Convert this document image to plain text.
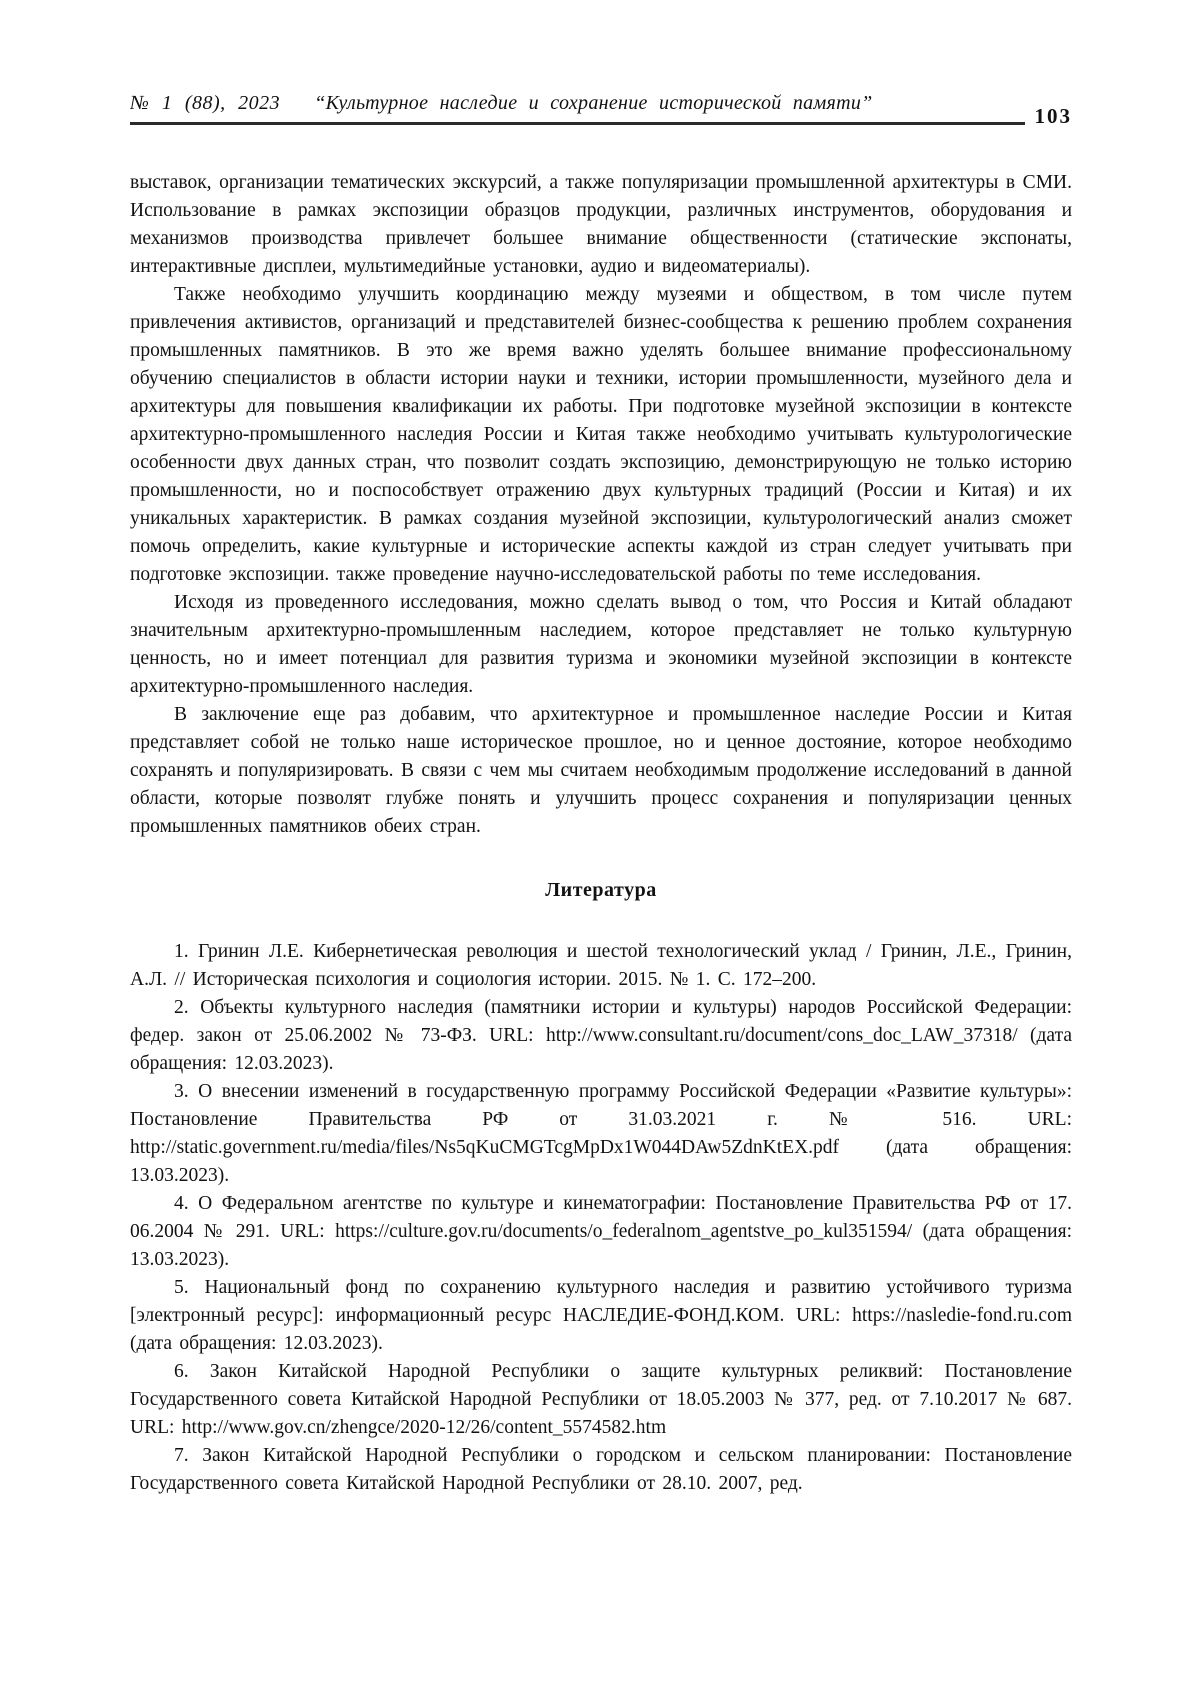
№ 1 (88), 2023 “Культурное наследие и сохранение исторической памяти”
103

выставок, организации тематических экскурсий, а также популяризации промышленной архитектуры в СМИ. Использование в рамках экспозиции образцов продукции, различных инструментов, оборудования и механизмов производства привлечет большее внимание общественности (статические экспонаты, интерактивные дисплеи, мультимедийные установки, аудио и видеоматериалы).

Также необходимо улучшить координацию между музеями и обществом, в том числе путем привлечения активистов, организаций и представителей бизнес-сообщества к решению проблем сохранения промышленных памятников. В это же время важно уделять большее внимание профессиональному обучению специалистов в области истории науки и техники, истории промышленности, музейного дела и архитектуры для повышения квалификации их работы. При подготовке музейной экспозиции в контексте архитектурно-промышленного наследия России и Китая также необходимо учитывать культурологические особенности двух данных стран, что позволит создать экспозицию, демонстрирующую не только историю промышленности, но и поспособствует отражению двух культурных традиций (России и Китая) и их уникальных характеристик. В рамках создания музейной экспозиции, культурологический анализ сможет помочь определить, какие культурные и исторические аспекты каждой из стран следует учитывать при подготовке экспозиции. также проведение научно-исследовательской работы по теме исследования.

Исходя из проведенного исследования, можно сделать вывод о том, что Россия и Китай обладают значительным архитектурно-промышленным наследием, которое представляет не только культурную ценность, но и имеет потенциал для развития туризма и экономики музейной экспозиции в контексте архитектурно-промышленного наследия.

В заключение еще раз добавим, что архитектурное и промышленное наследие России и Китая представляет собой не только наше историческое прошлое, но и ценное достояние, которое необходимо сохранять и популяризировать. В связи с чем мы считаем необходимым продолжение исследований в данной области, которые позволят глубже понять и улучшить процесс сохранения и популяризации ценных промышленных памятников обеих стран.

Литература

1. Гринин Л.Е. Кибернетическая революция и шестой технологический уклад / Гринин, Л.Е., Гринин, А.Л. // Историческая психология и социология истории. 2015. № 1. С. 172–200.

2. Объекты культурного наследия (памятники истории и культуры) народов Российской Федерации: федер. закон от 25.06.2002 № 73-ФЗ. URL: http://www.consultant.ru/document/cons_doc_LAW_37318/ (дата обращения: 12.03.2023).

3. О внесении изменений в государственную программу Российской Федерации «Развитие культуры»: Постановление Правительства РФ от 31.03.2021 г. № 516. URL: http://static.government.ru/media/files/Ns5qKuCMGTcgMpDx1W044DAw5ZdnKtEX.pdf (дата обращения: 13.03.2023).

4. О Федеральном агентстве по культуре и кинематографии: Постановление Правительства РФ от 17. 06.2004 № 291. URL: https://culture.gov.ru/documents/o_federalnom_agentstve_po_kul351594/ (дата обращения: 13.03.2023).

5. Национальный фонд по сохранению культурного наследия и развитию устойчивого туризма [электронный ресурс]: информационный ресурс НАСЛЕДИЕ-ФОНД.КОМ. URL: https://nasledie-fond.ru.com (дата обращения: 12.03.2023).

6. Закон Китайской Народной Республики о защите культурных реликвий: Постановление Государственного совета Китайской Народной Республики от 18.05.2003 № 377, ред. от 7.10.2017 № 687. URL: http://www.gov.cn/zhengce/2020-12/26/content_5574582.htm

7. Закон Китайской Народной Республики о городском и сельском планировании: Постановление Государственного совета Китайской Народной Республики от 28.10. 2007, ред.
